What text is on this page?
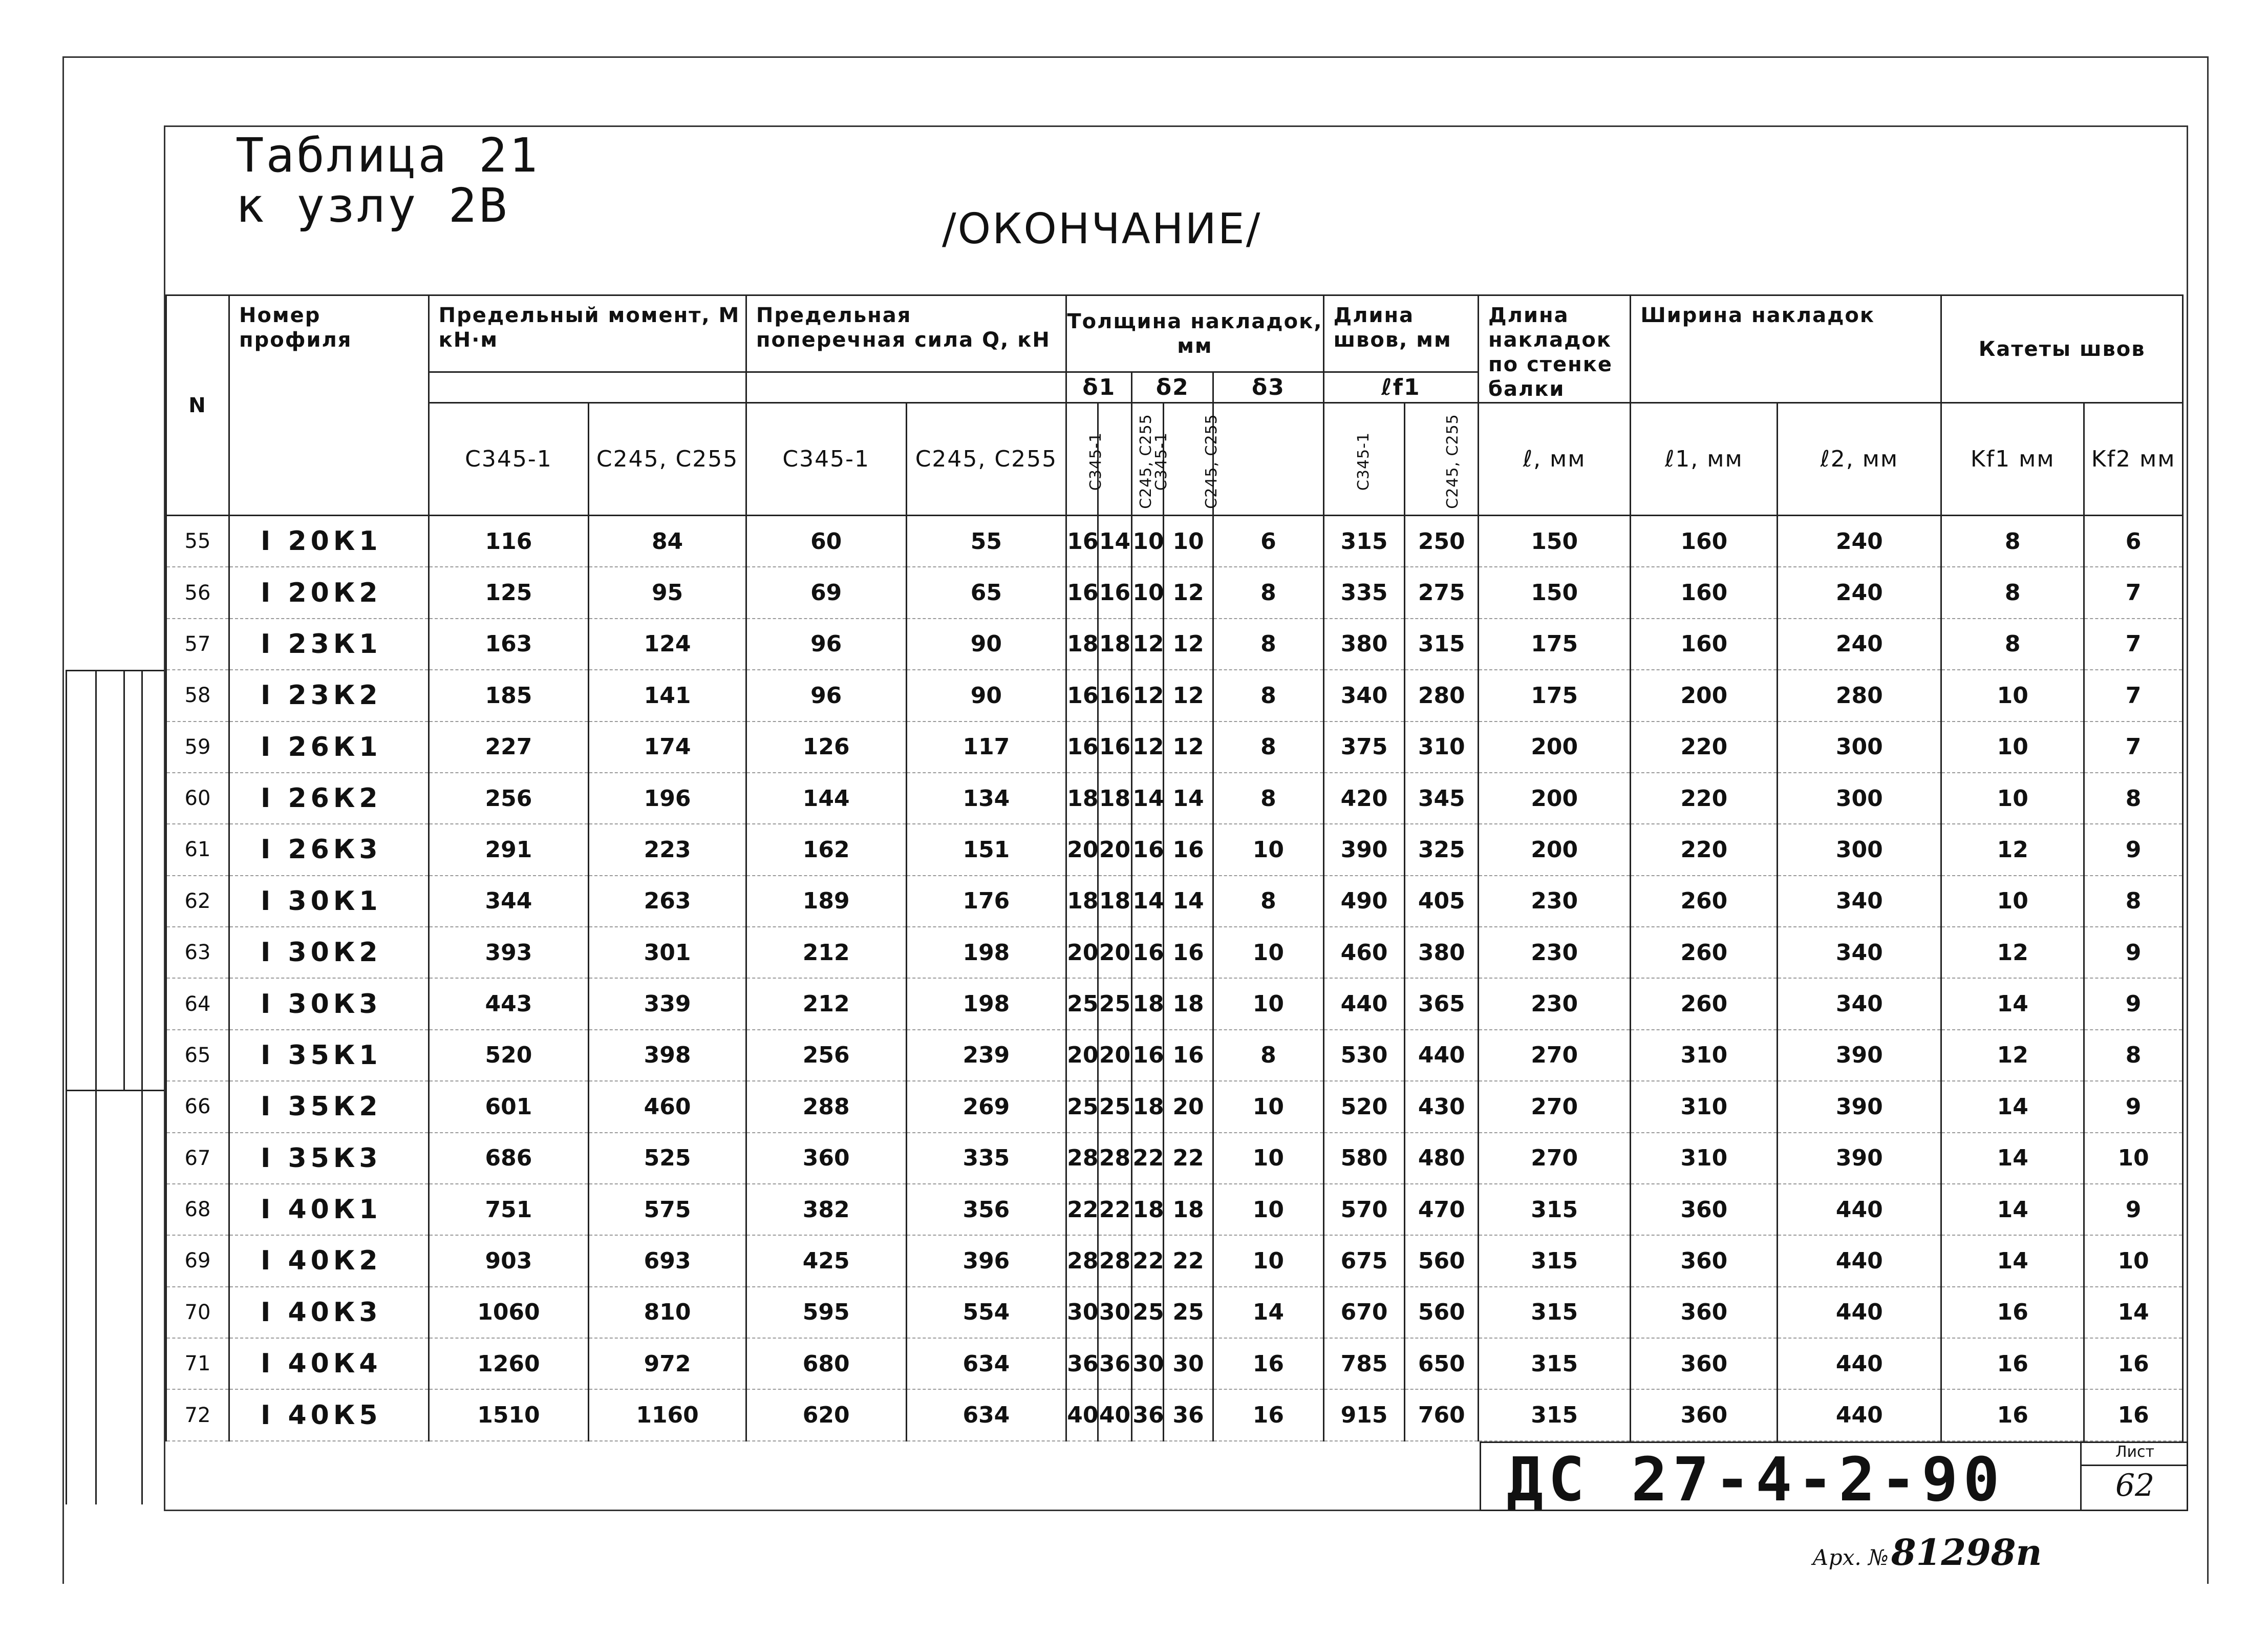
Таблица 21
к узлу 2В	/ОКОНЧАНИЕ/
N	Номер профиля	Предельный момент, М кН·м		Предельная поперечная сила Q, кН		Толщина накладок, мм					Длина швов, мм		Длина накладок по стенке балки	Ширина накладок		Катеты швов	
						δ1		δ2		δ3	ℓf1						
		С345-1	С245, С255	С345-1	С245, С255	С345-1	С245, С255	С345-1	С245, С255		С345-1	С245, С255	ℓ, мм	ℓ1, мм	ℓ2, мм	Kf1 мм	Kf2 мм
55	I 20К1	116	84	60	55	16	14	10	10	6	315	250	150	160	240	8	6
56	I 20К2	125	95	69	65	16	16	10	12	8	335	275	150	160	240	8	7
57	I 23К1	163	124	96	90	18	18	12	12	8	380	315	175	160	240	8	7
58	I 23К2	185	141	96	90	16	16	12	12	8	340	280	175	200	280	10	7
59	I 26К1	227	174	126	117	16	16	12	12	8	375	310	200	220	300	10	7
60	I 26К2	256	196	144	134	18	18	14	14	8	420	345	200	220	300	10	8
61	I 26К3	291	223	162	151	20	20	16	16	10	390	325	200	220	300	12	9
62	I 30К1	344	263	189	176	18	18	14	14	8	490	405	230	260	340	10	8
63	I 30К2	393	301	212	198	20	20	16	16	10	460	380	230	260	340	12	9
64	I 30К3	443	339	212	198	25	25	18	18	10	440	365	230	260	340	14	9
65	I 35К1	520	398	256	239	20	20	16	16	8	530	440	270	310	390	12	8
66	I 35К2	601	460	288	269	25	25	18	20	10	520	430	270	310	390	14	9
67	I 35К3	686	525	360	335	28	28	22	22	10	580	480	270	310	390	14	10
68	I 40К1	751	575	382	356	22	22	18	18	10	570	470	315	360	440	14	9
69	I 40К2	903	693	425	396	28	28	22	22	10	675	560	315	360	440	14	10
70	I 40К3	1060	810	595	554	30	30	25	25	14	670	560	315	360	440	16	14
71	I 40К4	1260	972	680	634	36	36	30	30	16	785	650	315	360	440	16	16
72	I 40К5	1510	1160	620	634	40	40	36	36	16	915	760	315	360	440	16	16
ДС 27-4-2-90	Лист
62
Арх. № 81298п
